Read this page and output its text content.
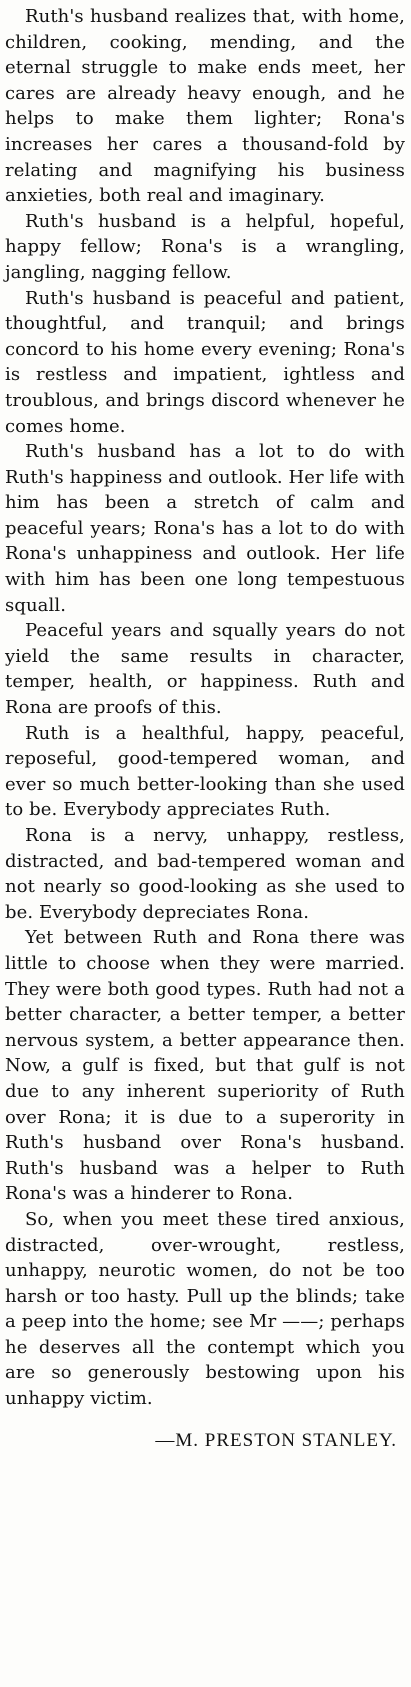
Ruth's husband realizes that, with home, children, cooking, mending, and the eternal struggle to make ends meet, her cares are already heavy enough, and he helps to make them lighter; Rona's increases her cares a thousand-fold by relating and magnifying his business anxieties, both real and imaginary.

Ruth's husband is a helpful, hopeful, happy fellow; Rona's is a wrangling, jangling, nagging fellow.

Ruth's husband is peaceful and patient, thoughtful, and tranquil; and brings concord to his home every evening; Rona's is restless and impatient, ightless and troublous, and brings discord whenever he comes home.

Ruth's husband has a lot to do with Ruth's happiness and outlook. Her life with him has been a stretch of calm and peaceful years; Rona's has a lot to do with Rona's unhappiness and outlook. Her life with him has been one long tempestuous squall.

Peaceful years and squally years do not yield the same results in character, temper, health, or happiness. Ruth and Rona are proofs of this.

Ruth is a healthful, happy, peaceful, reposeful, good-tempered woman, and ever so much better-looking than she used to be. Everybody appreciates Ruth.

Rona is a nervy, unhappy, restless, distracted, and bad-tempered woman and not nearly so good-looking as she used to be. Everybody depreciates Rona.

Yet between Ruth and Rona there was little to choose when they were married. They were both good types. Ruth had not a better character, a better temper, a better nervous system, a better appearance then. Now, a gulf is fixed, but that gulf is not due to any inherent superiority of Ruth over Rona; it is due to a superority in Ruth's husband over Rona's husband. Ruth's husband was a helper to Ruth Rona's was a hinderer to Rona.

So, when you meet these tired anxious, distracted, over-wrought, restless, unhappy, neurotic women, do not be too harsh or too hasty. Pull up the blinds; take a peep into the home; see Mr ——; perhaps he deserves all the contempt which you are so generously bestowing upon his unhappy victim.

—M. PRESTON STANLEY.
